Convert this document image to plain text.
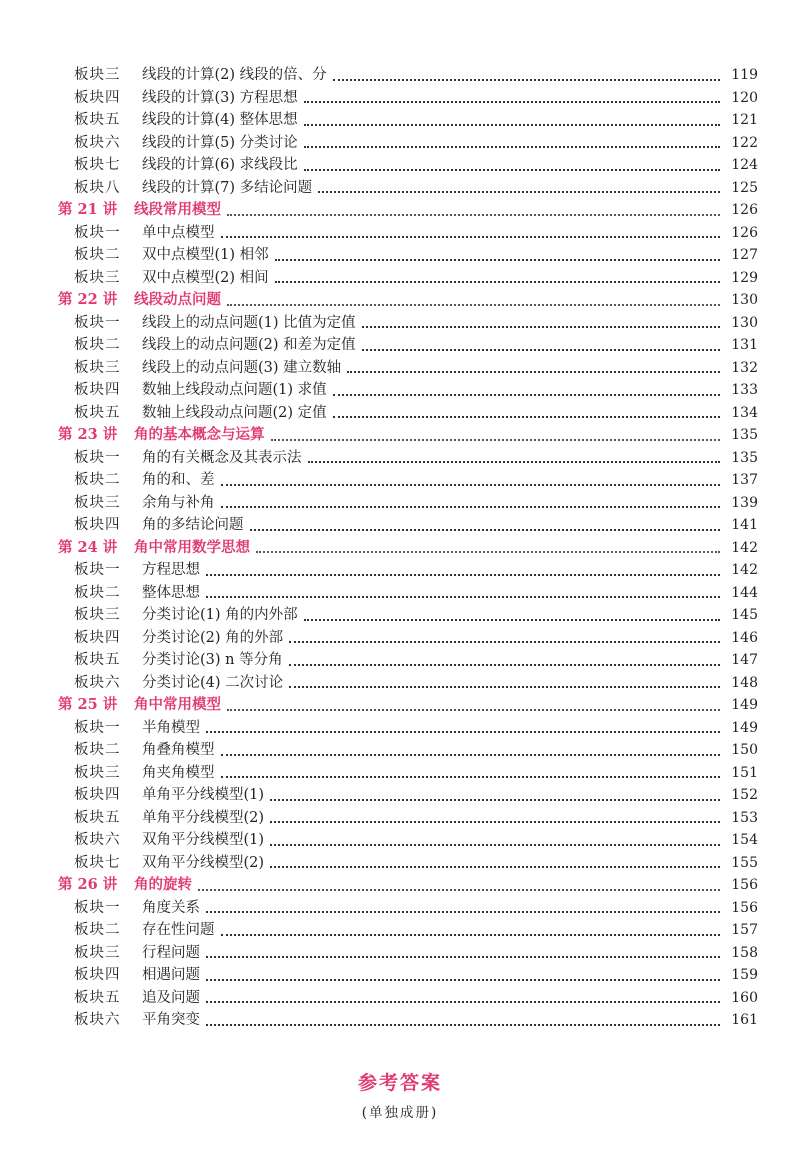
板块三 线段的计算(2) 线段的倍、分	119
板块四 线段的计算(3) 方程思想	120
板块五 线段的计算(4) 整体思想	121
板块六 线段的计算(5) 分类讨论	122
板块七 线段的计算(6) 求线段比	124
板块八 线段的计算(7) 多结论问题	125
第 21 讲 线段常用模型	126
板块一 单中点模型	126
板块二 双中点模型(1) 相邻	127
板块三 双中点模型(2) 相间	129
第 22 讲 线段动点问题	130
板块一 线段上的动点问题(1) 比值为定值	130
板块二 线段上的动点问题(2) 和差为定值	131
板块三 线段上的动点问题(3) 建立数轴	132
板块四 数轴上线段动点问题(1) 求值	133
板块五 数轴上线段动点问题(2) 定值	134
第 23 讲 角的基本概念与运算	135
板块一 角的有关概念及其表示法	135
板块二 角的和、差	137
板块三 余角与补角	139
板块四 角的多结论问题	141
第 24 讲 角中常用数学思想	142
板块一 方程思想	142
板块二 整体思想	144
板块三 分类讨论(1) 角的内外部	145
板块四 分类讨论(2) 角的外部	146
板块五 分类讨论(3) n 等分角	147
板块六 分类讨论(4) 二次讨论	148
第 25 讲 角中常用模型	149
板块一 半角模型	149
板块二 角叠角模型	150
板块三 角夹角模型	151
板块四 单角平分线模型(1)	152
板块五 单角平分线模型(2)	153
板块六 双角平分线模型(1)	154
板块七 双角平分线模型(2)	155
第 26 讲 角的旋转	156
板块一 角度关系	156
板块二 存在性问题	157
板块三 行程问题	158
板块四 相遇问题	159
板块五 追及问题	160
板块六 平角突变	161
参考答案
(单独成册)
